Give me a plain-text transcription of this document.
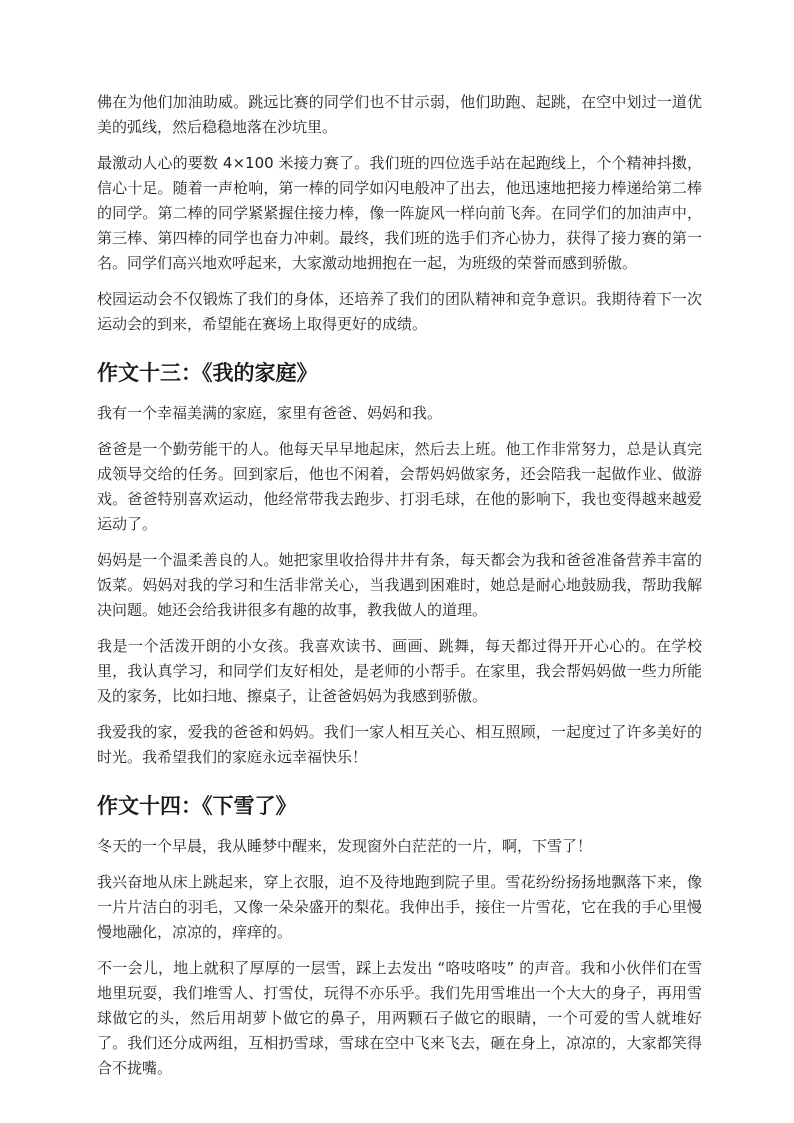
佛在为他们加油助威。跳远比赛的同学们也不甘示弱，他们助跑、起跳，在空中划过一道优美的弧线，然后稳稳地落在沙坑里。

最激动人心的要数 4×100 米接力赛了。我们班的四位选手站在起跑线上，个个精神抖擞，信心十足。随着一声枪响，第一棒的同学如闪电般冲了出去，他迅速地把接力棒递给第二棒的同学。第二棒的同学紧紧握住接力棒，像一阵旋风一样向前飞奔。在同学们的加油声中，第三棒、第四棒的同学也奋力冲刺。最终，我们班的选手们齐心协力，获得了接力赛的第一名。同学们高兴地欢呼起来，大家激动地拥抱在一起，为班级的荣誉而感到骄傲。

校园运动会不仅锻炼了我们的身体，还培养了我们的团队精神和竞争意识。我期待着下一次运动会的到来，希望能在赛场上取得更好的成绩。

作文十三：《我的家庭》

我有一个幸福美满的家庭，家里有爸爸、妈妈和我。

爸爸是一个勤劳能干的人。他每天早早地起床，然后去上班。他工作非常努力，总是认真完成领导交给的任务。回到家后，他也不闲着，会帮妈妈做家务，还会陪我一起做作业、做游戏。爸爸特别喜欢运动，他经常带我去跑步、打羽毛球，在他的影响下，我也变得越来越爱运动了。

妈妈是一个温柔善良的人。她把家里收拾得井井有条，每天都会为我和爸爸准备营养丰富的饭菜。妈妈对我的学习和生活非常关心，当我遇到困难时，她总是耐心地鼓励我，帮助我解决问题。她还会给我讲很多有趣的故事，教我做人的道理。

我是一个活泼开朗的小女孩。我喜欢读书、画画、跳舞，每天都过得开开心心的。在学校里，我认真学习，和同学们友好相处，是老师的小帮手。在家里，我会帮妈妈做一些力所能及的家务，比如扫地、擦桌子，让爸爸妈妈为我感到骄傲。

我爱我的家，爱我的爸爸和妈妈。我们一家人相互关心、相互照顾，一起度过了许多美好的时光。我希望我们的家庭永远幸福快乐！

作文十四：《下雪了》

冬天的一个早晨，我从睡梦中醒来，发现窗外白茫茫的一片，啊，下雪了！

我兴奋地从床上跳起来，穿上衣服，迫不及待地跑到院子里。雪花纷纷扬扬地飘落下来，像一片片洁白的羽毛，又像一朵朵盛开的梨花。我伸出手，接住一片雪花，它在我的手心里慢慢地融化，凉凉的，痒痒的。

不一会儿，地上就积了厚厚的一层雪，踩上去发出 “咯吱咯吱” 的声音。我和小伙伴们在雪地里玩耍，我们堆雪人、打雪仗，玩得不亦乐乎。我们先用雪堆出一个大大的身子，再用雪球做它的头，然后用胡萝卜做它的鼻子，用两颗石子做它的眼睛，一个可爱的雪人就堆好了。我们还分成两组，互相扔雪球，雪球在空中飞来飞去，砸在身上，凉凉的，大家都笑得合不拢嘴。
